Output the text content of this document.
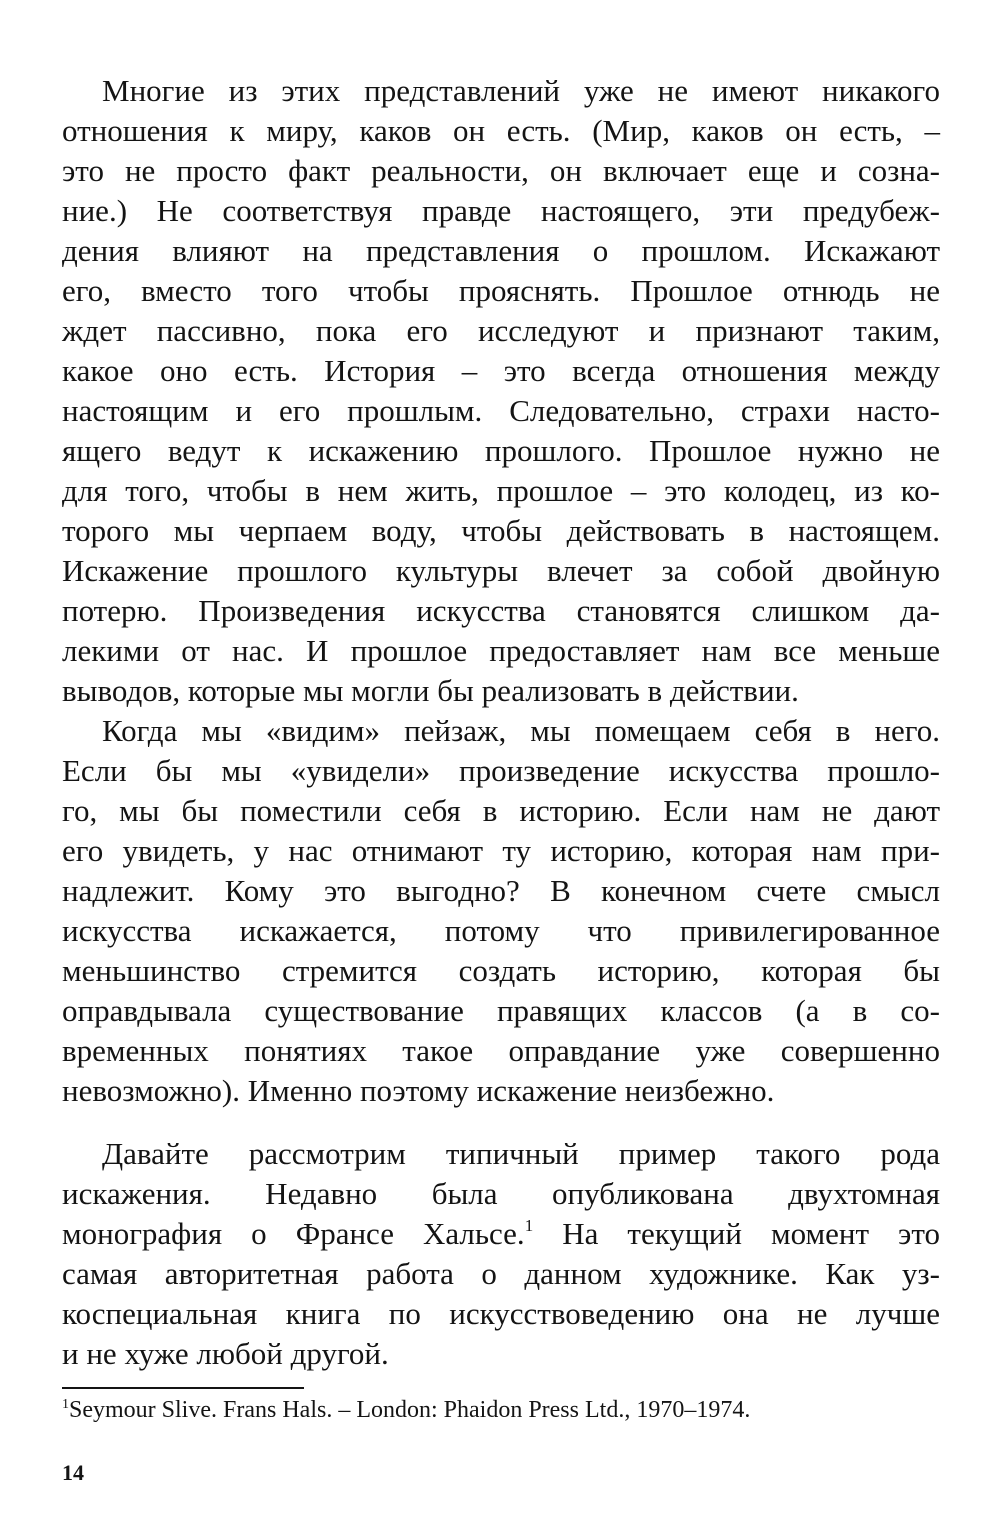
Многие из этих представлений уже не имеют никакого
отношения к миру, каков он есть. (Мир, каков он есть, –
это не просто факт реальности, он включает еще и созна-
ние.) Не соответствуя правде настоящего, эти предубеж-
дения влияют на представления о прошлом. Искажают
его, вместо того чтобы прояснять. Прошлое отнюдь не
ждет пассивно, пока его исследуют и признают таким,
какое оно есть. История – это всегда отношения между
настоящим и его прошлым. Следовательно, страхи насто-
ящего ведут к искажению прошлого. Прошлое нужно не
для того, чтобы в нем жить, прошлое – это колодец, из ко-
торого мы черпаем воду, чтобы действовать в настоящем.
Искажение прошлого культуры влечет за собой двойную
потерю. Произведения искусства становятся слишком да-
лекими от нас. И прошлое предоставляет нам все меньше
выводов, которые мы могли бы реализовать в действии.
Когда мы «видим» пейзаж, мы помещаем себя в него.
Если бы мы «увидели» произведение искусства прошло-
го, мы бы поместили себя в историю. Если нам не дают
его увидеть, у нас отнимают ту историю, которая нам при-
надлежит. Кому это выгодно? В конечном счете смысл
искусства искажается, потому что привилегированное
меньшинство стремится создать историю, которая бы
оправдывала существование правящих классов (а в со-
временных понятиях такое оправдание уже совершенно
невозможно). Именно поэтому искажение неизбежно.
Давайте рассмотрим типичный пример такого рода
искажения. Недавно была опубликована двухтомная
монография о Франсе Хальсе.$^1$ На текущий момент это
самая авторитетная работа о данном художнике. Как уз-
коспециальная книга по искусствоведению она не лучше
и не хуже любой другой.
$^1$Seymour Slive. Frans Hals. – London: Phaidon Press Ltd., 1970–1974.
14
